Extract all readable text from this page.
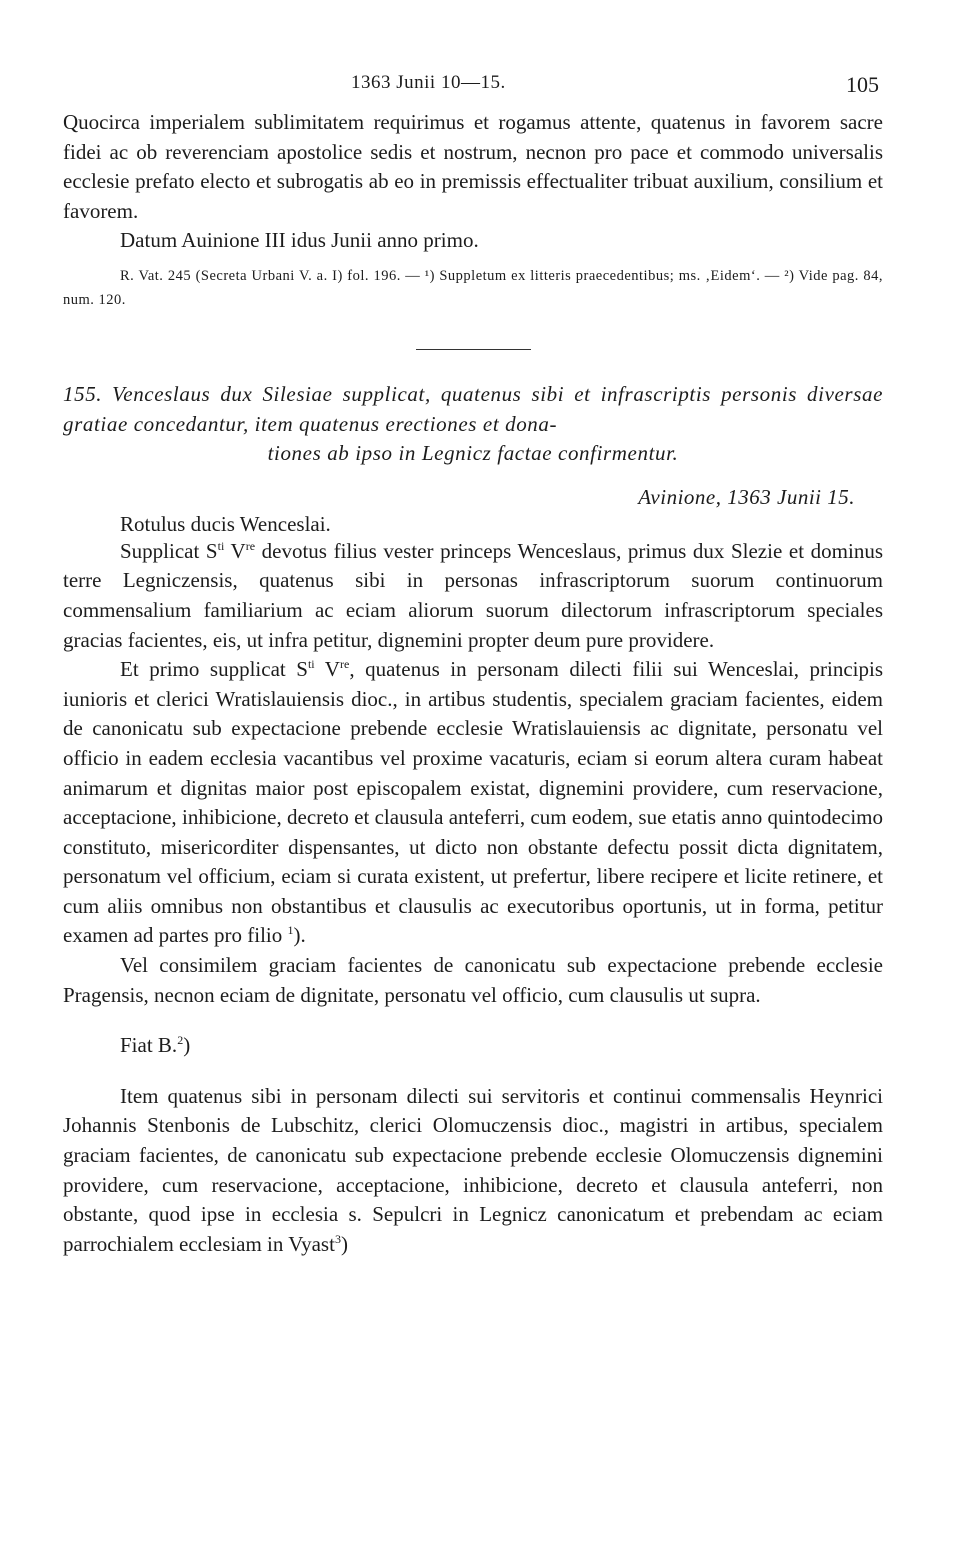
1363 Junii 10—15.	105

Quocirca imperialem sublimitatem requirimus et rogamus attente, quatenus in favorem sacre fidei ac ob reverenciam apostolice sedis et nostrum, necnon pro pace et commodo universalis ecclesie prefato electo et subrogatis ab eo in premissis effectualiter tribuat auxilium, consilium et favorem.

Datum Auinione III idus Junii anno primo.

R. Vat. 245 (Secreta Urbani V. a. I) fol. 196. — ¹) Suppletum ex litteris praecedentibus; ms. ‚Eidem‘. — ²) Vide pag. 84, num. 120.
155. Venceslaus dux Silesiae supplicat, quatenus sibi et infrascriptis personis diversae gratiae concedantur, item quatenus erectiones et dona-
tiones ab ipso in Legnicz factae confirmentur.
Avinione, 1363 Junii 15.

Rotulus ducis Wenceslai.

Supplicat $S^{ti}$ Vre devotus filius vester princeps Wenceslaus, primus dux Slezie et dominus terre Legniczensis, quatenus sibi in personas infrascriptorum suorum continuorum commensalium familiarium ac eciam aliorum suorum dilectorum infrascriptorum speciales gracias facientes, eis, ut infra petitur, dignemini propter deum pure providere.

Et primo supplicat $S^{ti}$ Vre, quatenus in personam dilecti filii sui Wenceslai, principis iunioris et clerici Wratislauiensis dioc., in artibus studentis, specialem graciam facientes, eidem de canonicatu sub expectacione prebende ecclesie Wratislauiensis ac dignitate, personatu vel officio in eadem ecclesia vacantibus vel proxime vacaturis, eciam si eorum altera curam habeat animarum et dignitas maior post episcopalem existat, dignemini providere, cum reservacione, acceptacione, inhibicione, decreto et clausula anteferri, cum eodem, sue etatis anno quintodecimo constituto, misericorditer dispensantes, ut dicto non obstante defectu possit dicta dignitatem, personatum vel officium, eciam si curata existent, ut prefertur, libere recipere et licite retinere, et cum aliis omnibus non obstantibus et clausulis ac executoribus oportunis, ut in forma, petitur examen ad partes pro filio $^1$).

Vel consimilem graciam facientes de canonicatu sub expectacione prebende ecclesie Pragensis, necnon eciam de dignitate, personatu vel officio, cum clausulis ut supra.

Fiat B.$^2$)

Item quatenus sibi in personam dilecti sui servitoris et continui commensalis Heynrici Johannis Stenbonis de Lubschitz, clerici Olomuczensis dioc., magistri in artibus, specialem graciam facientes, de canonicatu sub expectacione prebende ecclesie Olomuczensis dignemini providere, cum reservacione, acceptacione, inhibicione, decreto et clausula anteferri, non obstante, quod ipse in ecclesia s. Sepulcri in Legnicz canonicatum et prebendam ac eciam parrochialem ecclesiam in Vyast$^3$)
